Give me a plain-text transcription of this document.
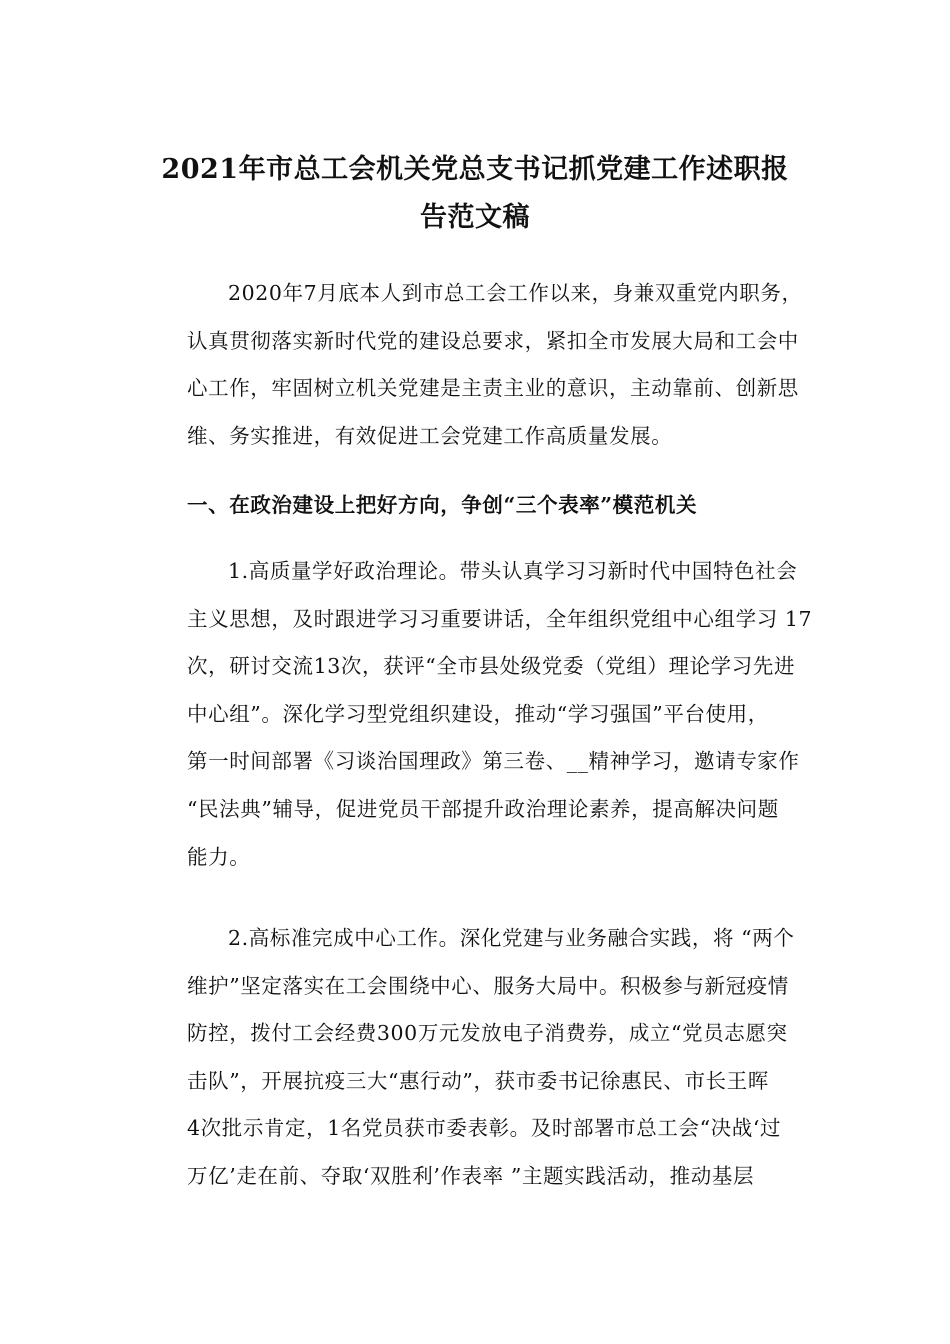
2021年市总工会机关党总支书记抓党建工作述职报
告范文稿
2020年7月底本人到市总工会工作以来，身兼双重党内职务，
认真贯彻落实新时代党的建设总要求，紧扣全市发展大局和工会中
心工作，牢固树立机关党建是主责主业的意识，主动靠前、创新思
维、务实推进，有效促进工会党建工作高质量发展。
一、在政治建设上把好方向，争创“三个表率”模范机关
1.高质量学好政治理论。带头认真学习习新时代中国特色社会
主义思想，及时跟进学习习重要讲话，全年组织党组中心组学习 17
次，研讨交流13次，获评“全市县处级党委（党组）理论学习先进
中心组”。深化学习型党组织建设，推动“学习强国”平台使用，
第一时间部署《习谈治国理政》第三卷、__精神学习，邀请专家作
“民法典”辅导，促进党员干部提升政治理论素养，提高解决问题
能力。
2.高标准完成中心工作。深化党建与业务融合实践，将 “两个
维护”坚定落实在工会围绕中心、服务大局中。积极参与新冠疫情
防控，拨付工会经费300万元发放电子消费券，成立“党员志愿突
击队”，开展抗疫三大“惠行动”，获市委书记徐惠民、市长王晖
4次批示肯定，1名党员获市委表彰。及时部署市总工会“决战‘过
万亿’走在前、夺取‘双胜利’作表率 ”主题实践活动，推动基层
